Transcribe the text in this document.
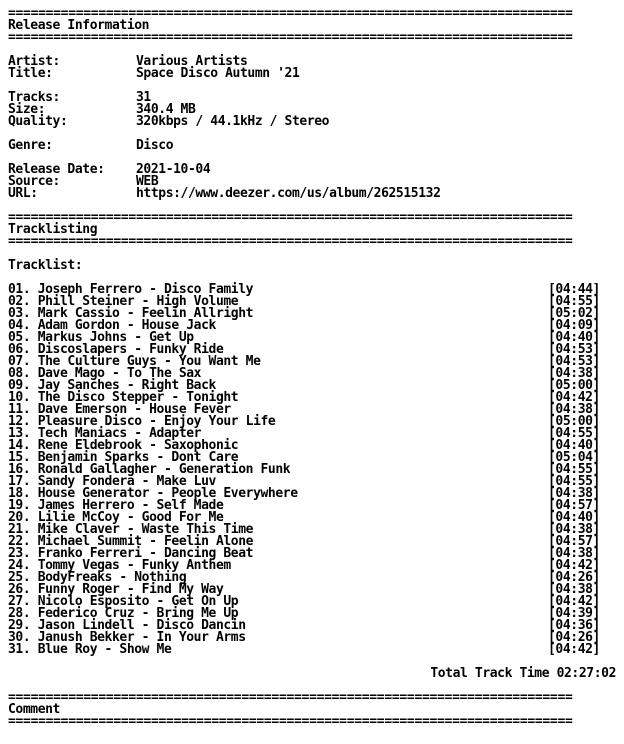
===========================================================================
Release Information
===========================================================================
Artist:	Various Artists
Title:	Space Disco Autumn '21
Tracks:	31
Size:	340.4 MB
Quality:	320kbps / 44.1kHz / Stereo
Genre:	Disco
Release Date:	2021-10-04
Source:	WEB
URL:	https://www.deezer.com/us/album/262515132
===========================================================================
Tracklisting
===========================================================================
Tracklist:
01. Joseph Ferrero - Disco Family	[04:44]
02. Phill Steiner - High Volume	[04:55]
03. Mark Cassio - Feelin Allright	[05:02]
04. Adam Gordon - House Jack	[04:09]
05. Markus Johns - Get Up	[04:40]
06. Discoslapers - Funky Ride	[04:53]
07. The Culture Guys - You Want Me	[04:53]
08. Dave Mago - To The Sax	[04:38]
09. Jay Sanches - Right Back	[05:00]
10. The Disco Stepper - Tonight	[04:42]
11. Dave Emerson - House Fever	[04:38]
12. Pleasure Disco - Enjoy Your Life	[05:00]
13. Tech Maniacs - Adapter	[04:55]
14. Rene Eldebrook - Saxophonic	[04:40]
15. Benjamin Sparks - Dont Care	[05:04]
16. Ronald Gallagher - Generation Funk	[04:55]
17. Sandy Fondera - Make Luv	[04:55]
18. House Generator - People Everywhere	[04:38]
19. James Herrero - Self Made	[04:57]
20. Lilie McCoy - Good For Me	[04:40]
21. Mike Claver - Waste This Time	[04:38]
22. Michael Summit - Feelin Alone	[04:57]
23. Franko Ferreri - Dancing Beat	[04:38]
24. Tommy Vegas - Funky Anthem	[04:42]
25. BodyFreaks - Nothing	[04:26]
26. Funny Roger - Find My Way	[04:38]
27. Nicolo Esposito - Get On Up	[04:42]
28. Federico Cruz - Bring Me Up	[04:39]
29. Jason Lindell - Disco Dancin	[04:36]
30. Janush Bekker - In Your Arms	[04:26]
31. Blue Roy - Show Me	[04:42]
Total Track Time 02:27:02
===========================================================================
Comment
===========================================================================
